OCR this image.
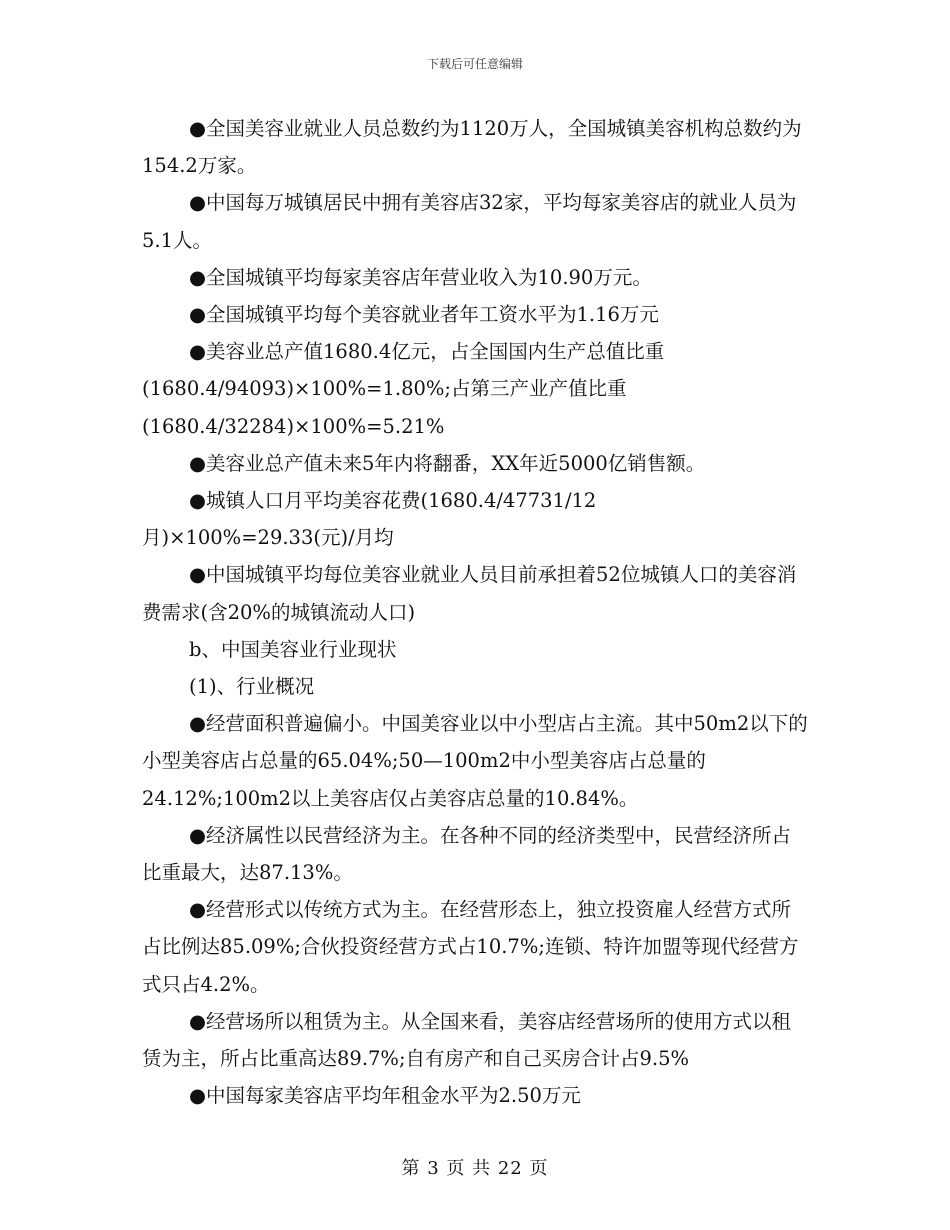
下载后可任意编辑

●全国美容业就业人员总数约为1120万人，全国城镇美容机构总数约为154.2万家。

●中国每万城镇居民中拥有美容店32家，平均每家美容店的就业人员为5.1人。

●全国城镇平均每家美容店年营业收入为10.90万元。

●全国城镇平均每个美容就业者年工资水平为1.16万元

●美容业总产值1680.4亿元，占全国国内生产总值比重

(1680.4/94093)×100%=1.80%;占第三产业产值比重

(1680.4/32284)×100%=5.21%

●美容业总产值未来5年内将翻番，XX年近5000亿销售额。

●城镇人口月平均美容花费(1680.4/47731/12

月)×100%=29.33(元)/月均

●中国城镇平均每位美容业就业人员目前承担着52位城镇人口的美容消费需求(含20%的城镇流动人口)

b、中国美容业行业现状

(1)、行业概况

●经营面积普遍偏小。中国美容业以中小型店占主流。其中50m2以下的小型美容店占总量的65.04%;50—100m2中小型美容店占总量的24.12%;100m2以上美容店仅占美容店总量的10.84%。

●经济属性以民营经济为主。在各种不同的经济类型中，民营经济所占比重最大，达87.13%。

●经营形式以传统方式为主。在经营形态上，独立投资雇人经营方式所占比例达85.09%;合伙投资经营方式占10.7%;连锁、特许加盟等现代经营方式只占4.2%。

●经营场所以租赁为主。从全国来看，美容店经营场所的使用方式以租赁为主，所占比重高达89.7%;自有房产和自己买房合计占9.5%

●中国每家美容店平均年租金水平为2.50万元

第 3 页 共 22 页
